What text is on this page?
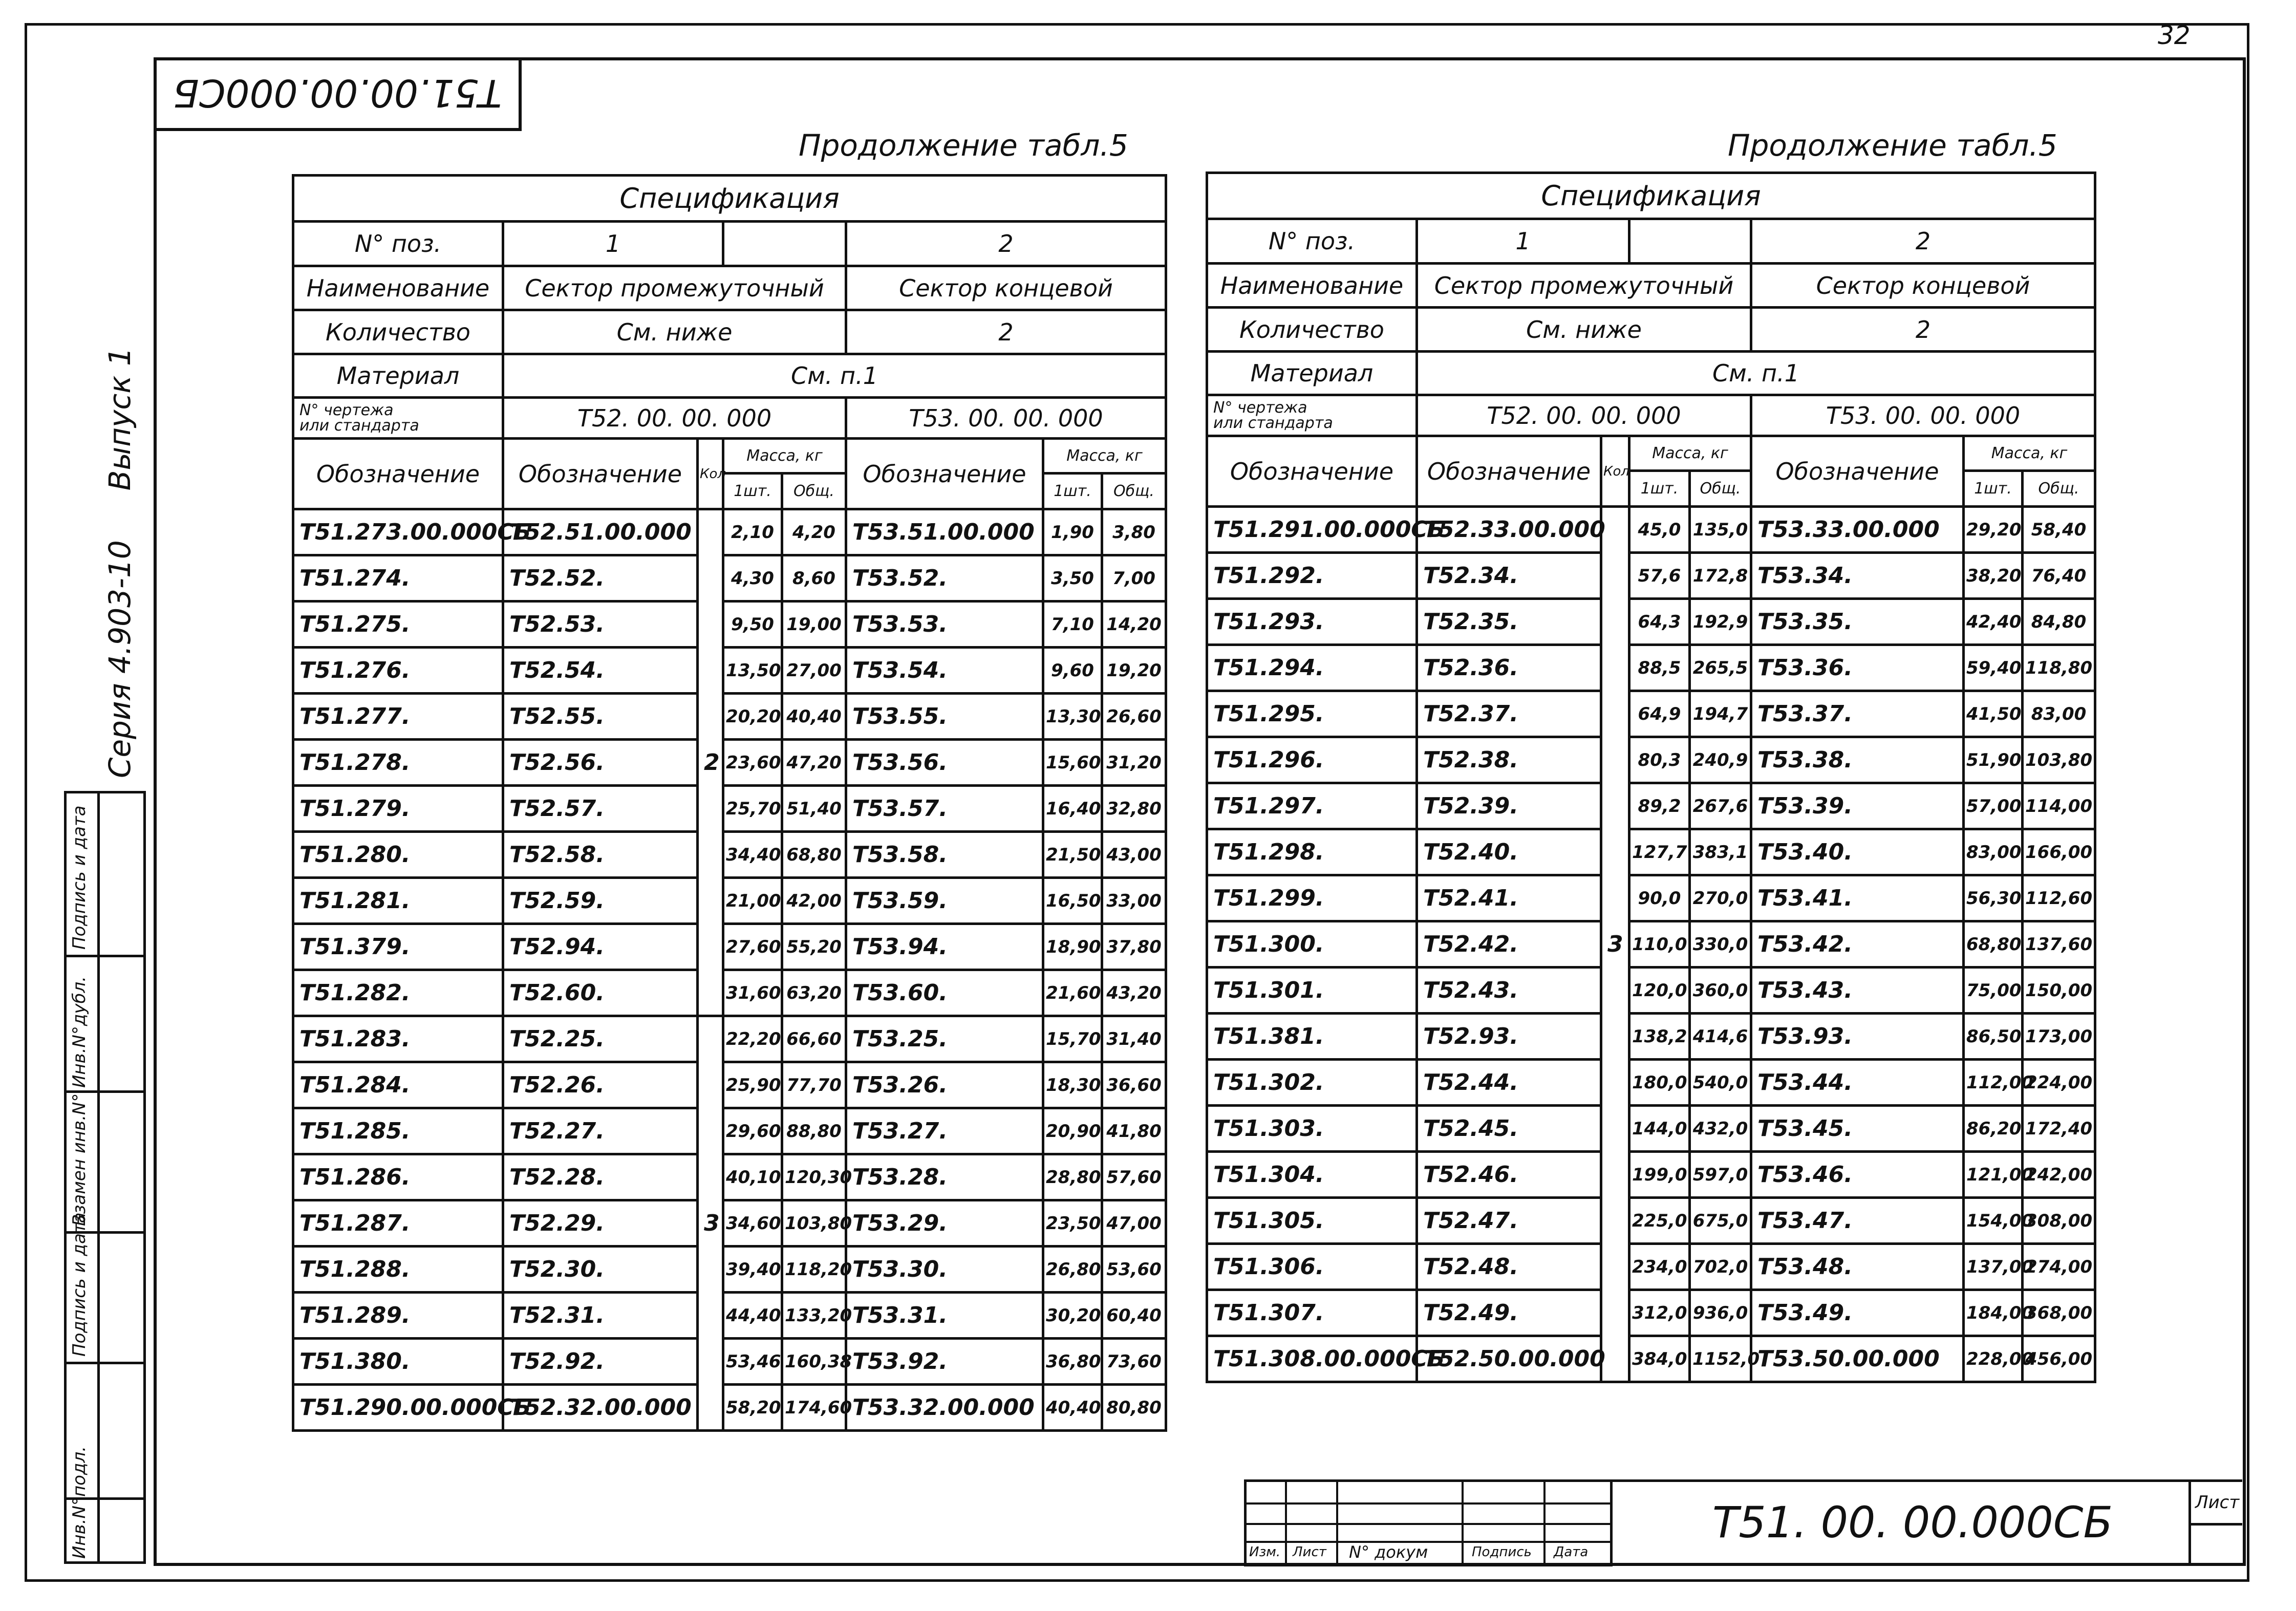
32
Т51.00.00.000СБ
Серия 4.903-10  Выпуск 1
Подпись и дата
Инв.N°дубл.
Взамен инв.N°
Подпись и дата
Инв.N°подл.
Продолжение табл.5
Спецификация							
N° поз.	1				2		
Наименование	Сектор промежуточный				Сектор концевой		
Количество	См. ниже				2		
Материал	См. п.1						

N° чертежа
или стандарта	Т52. 00. 00. 000				Т53. 00. 00. 000		
Обозначение	Обозначение	Кол	Масса, кг		Обозначение	Масса, кг	
			1шт.	Общ.		1шт.	Общ.
Т51.273.00.000СБ	Т52.51.00.000	2	2,10	4,20	Т53.51.00.000	1,90	3,80
Т51.274.	Т52.52.		4,30	8,60	Т53.52.	3,50	7,00
Т51.275.	Т52.53.		9,50	19,00	Т53.53.	7,10	14,20
Т51.276.	Т52.54.		13,50	27,00	Т53.54.	9,60	19,20
Т51.277.	Т52.55.		20,20	40,40	Т53.55.	13,30	26,60
Т51.278.	Т52.56.		23,60	47,20	Т53.56.	15,60	31,20
Т51.279.	Т52.57.		25,70	51,40	Т53.57.	16,40	32,80
Т51.280.	Т52.58.		34,40	68,80	Т53.58.	21,50	43,00
Т51.281.	Т52.59.		21,00	42,00	Т53.59.	16,50	33,00
Т51.379.	Т52.94.		27,60	55,20	Т53.94.	18,90	37,80
Т51.282.	Т52.60.		31,60	63,20	Т53.60.	21,60	43,20
Т51.283.	Т52.25.	3	22,20	66,60	Т53.25.	15,70	31,40
Т51.284.	Т52.26.		25,90	77,70	Т53.26.	18,30	36,60
Т51.285.	Т52.27.		29,60	88,80	Т53.27.	20,90	41,80
Т51.286.	Т52.28.		40,10	120,30	Т53.28.	28,80	57,60
Т51.287.	Т52.29.		34,60	103,80	Т53.29.	23,50	47,00
Т51.288.	Т52.30.		39,40	118,20	Т53.30.	26,80	53,60
Т51.289.	Т52.31.		44,40	133,20	Т53.31.	30,20	60,40
Т51.380.	Т52.92.		53,46	160,38	Т53.92.	36,80	73,60
Т51.290.00.000СБ	Т52.32.00.000		58,20	174,60	Т53.32.00.000	40,40	80,80
Продолжение табл.5
Спецификация							
N° поз.	1				2		
Наименование	Сектор промежуточный				Сектор концевой		
Количество	См. ниже				2		
Материал	См. п.1						

N° чертежа
или стандарта	Т52. 00. 00. 000				Т53. 00. 00. 000		
Обозначение	Обозначение	Кол	Масса, кг		Обозначение	Масса, кг	
			1шт.	Общ.		1шт.	Общ.
Т51.291.00.000СБ	Т52.33.00.000	3	45,0	135,0	Т53.33.00.000	29,20	58,40
Т51.292.	Т52.34.		57,6	172,8	Т53.34.	38,20	76,40
Т51.293.	Т52.35.		64,3	192,9	Т53.35.	42,40	84,80
Т51.294.	Т52.36.		88,5	265,5	Т53.36.	59,40	118,80
Т51.295.	Т52.37.		64,9	194,7	Т53.37.	41,50	83,00
Т51.296.	Т52.38.		80,3	240,9	Т53.38.	51,90	103,80
Т51.297.	Т52.39.		89,2	267,6	Т53.39.	57,00	114,00
Т51.298.	Т52.40.		127,7	383,1	Т53.40.	83,00	166,00
Т51.299.	Т52.41.		90,0	270,0	Т53.41.	56,30	112,60
Т51.300.	Т52.42.		110,0	330,0	Т53.42.	68,80	137,60
Т51.301.	Т52.43.		120,0	360,0	Т53.43.	75,00	150,00
Т51.381.	Т52.93.		138,2	414,6	Т53.93.	86,50	173,00
Т51.302.	Т52.44.		180,0	540,0	Т53.44.	112,00	224,00
Т51.303.	Т52.45.		144,0	432,0	Т53.45.	86,20	172,40
Т51.304.	Т52.46.		199,0	597,0	Т53.46.	121,00	242,00
Т51.305.	Т52.47.		225,0	675,0	Т53.47.	154,00	308,00
Т51.306.	Т52.48.		234,0	702,0	Т53.48.	137,00	274,00
Т51.307.	Т52.49.		312,0	936,0	Т53.49.	184,00	368,00
Т51.308.00.000СБ	Т52.50.00.000		384,0	1152,0	Т53.50.00.000	228,00	456,00
Изм. Лист N° докум	Подпись Дата
Т51. 00. 00.000СБ	Лист
